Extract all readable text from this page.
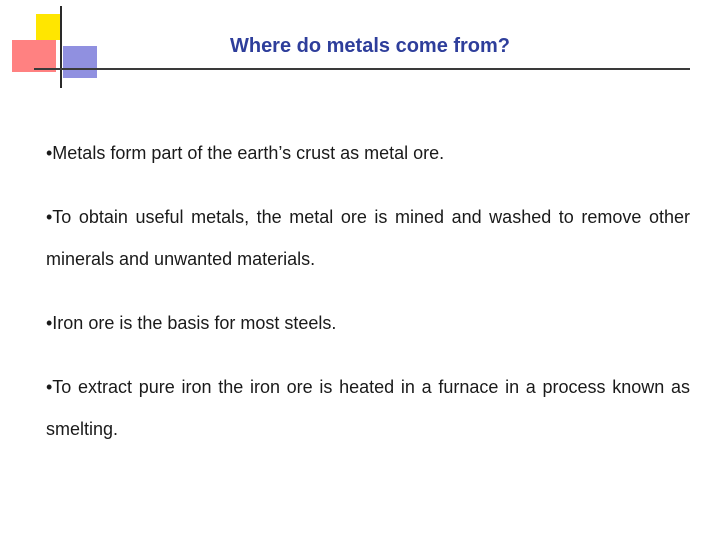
Where do metals come from?

•Metals form part of the earth’s crust as metal ore.

•To obtain useful metals, the metal ore is mined and washed to remove other minerals and unwanted materials.

•Iron ore is the basis for most steels.

•To extract pure iron the iron ore is heated in a furnace in a process known as smelting.
